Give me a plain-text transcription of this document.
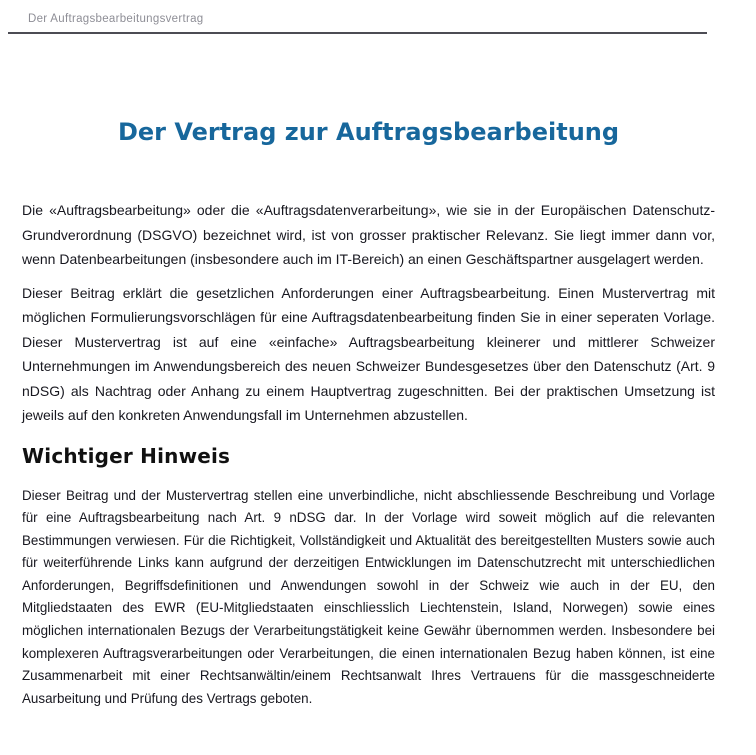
Der Auftragsbearbeitungsvertrag
Der Vertrag zur Auftragsbearbeitung

Die «Auftragsbearbeitung» oder die «Auftragsdatenverarbeitung», wie sie in der Europäischen Datenschutz-Grundverordnung (DSGVO) bezeichnet wird, ist von grosser praktischer Relevanz. Sie liegt immer dann vor, wenn Datenbearbeitungen (insbesondere auch im IT-Bereich) an einen Geschäftspartner ausgelagert werden.

Dieser Beitrag erklärt die gesetzlichen Anforderungen einer Auftragsbearbeitung. Einen Mustervertrag mit möglichen Formulierungsvorschlägen für eine Auftragsdatenbearbeitung finden Sie in einer seperaten Vorlage. Dieser Mustervertrag ist auf eine «einfache» Auftragsbearbeitung kleinerer und mittlerer Schweizer Unternehmungen im Anwendungsbereich des neuen Schweizer Bundesgesetzes über den Datenschutz (Art. 9 nDSG) als Nachtrag oder Anhang zu einem Hauptvertrag zugeschnitten. Bei der praktischen Umsetzung ist jeweils auf den konkreten Anwendungsfall im Unternehmen abzustellen.

Wichtiger Hinweis

Dieser Beitrag und der Mustervertrag stellen eine unverbindliche, nicht abschliessende Beschreibung und Vorlage für eine Auftragsbearbeitung nach Art. 9 nDSG dar. In der Vorlage wird soweit möglich auf die relevanten Bestimmungen verwiesen. Für die Richtigkeit, Vollständigkeit und Aktualität des bereitgestellten Musters sowie auch für weiterführende Links kann aufgrund der derzeitigen Entwicklungen im Datenschutzrecht mit unterschiedlichen Anforderungen, Begriffsdefinitionen und Anwendungen sowohl in der Schweiz wie auch in der EU, den Mitgliedstaaten des EWR (EU-Mitgliedstaaten einschliesslich Liechtenstein, Island, Norwegen) sowie eines möglichen internationalen Bezugs der Verarbeitungstätigkeit keine Gewähr übernommen werden. Insbesondere bei komplexeren Auftragsverarbeitungen oder Verarbeitungen, die einen internationalen Bezug haben können, ist eine Zusammenarbeit mit einer Rechtsanwältin/einem Rechtsanwalt Ihres Vertrauens für die massgeschneiderte Ausarbeitung und Prüfung des Vertrags geboten.
